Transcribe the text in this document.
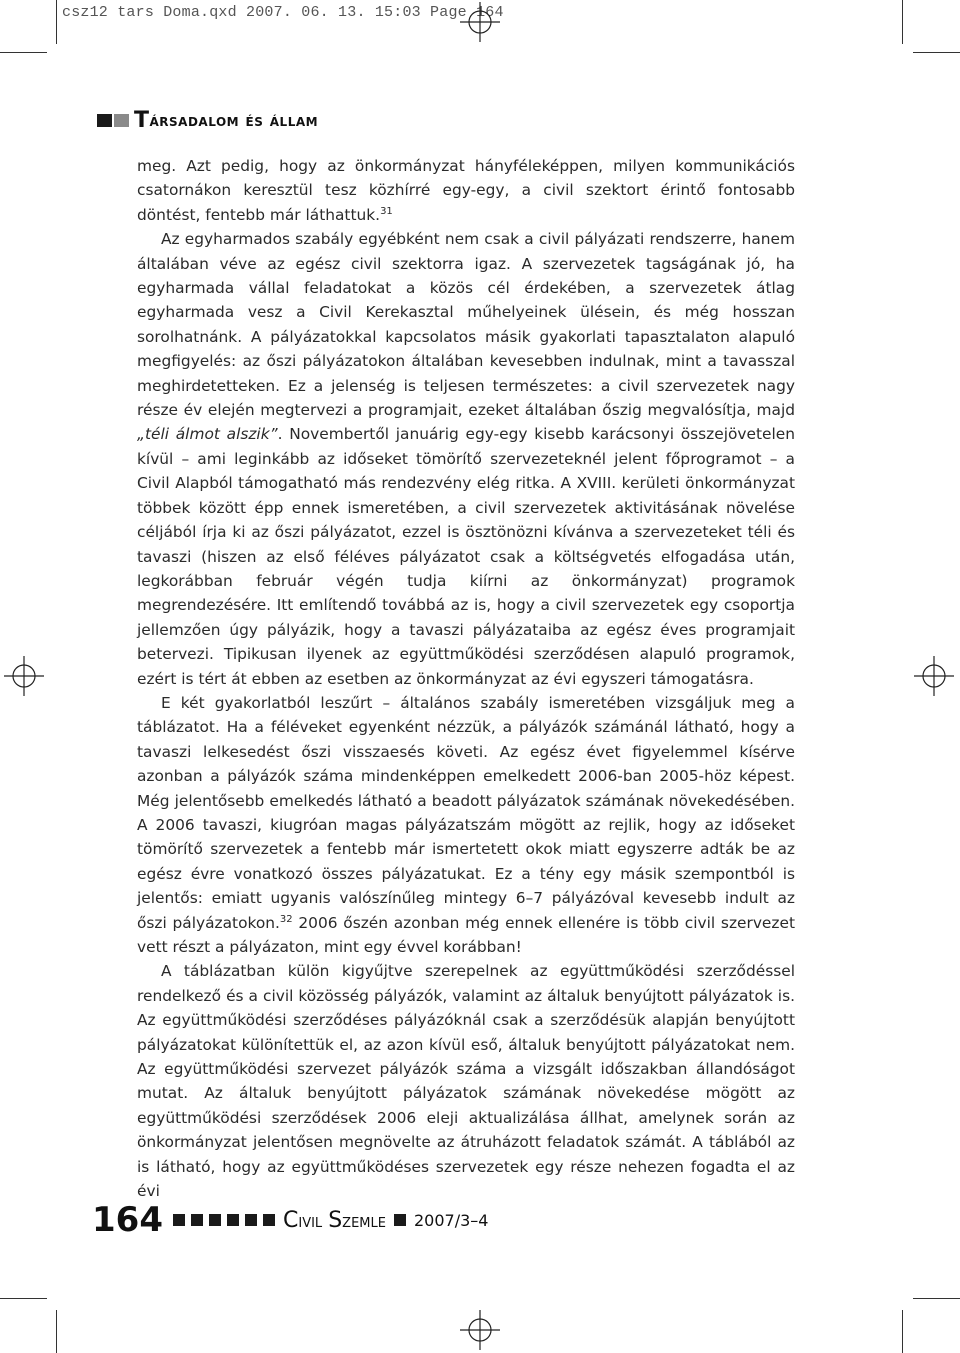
csz12 tars Doma.qxd 2007. 06. 13. 15:03 Page 164
T ársadalom és állam

meg. Azt pedig, hogy az önkormányzat hányféleképpen, milyen kommunikációs csatornákon keresztül tesz közhírré egy-egy, a civil szektort érintő fontosabb döntést, fentebb már láthattuk.$^{31}$

Az egyharmados szabály egyébként nem csak a civil pályázati rendszerre, hanem általában véve az egész civil szektorra igaz. A szervezetek tagságának jó, ha egyharmada vállal feladatokat a közös cél érdekében, a szervezetek átlag egyharmada vesz a Civil Kerekasztal műhelyeinek ülésein, és még hosszan sorolhatnánk. A pályázatokkal kapcsolatos másik gyakorlati tapasztalaton alapuló megfigyelés: az őszi pályázatokon általában kevesebben indulnak, mint a tavasszal meghirdetetteken. Ez a jelenség is teljesen természetes: a civil szervezetek nagy része év elején megtervezi a programjait, ezeket általában őszig megvalósítja, majd „téli álmot alszik”. Novembertől januárig egy-egy kisebb karácsonyi összejövetelen kívül – ami leginkább az időseket tömörítő szervezeteknél jelent főprogramot – a Civil Alapból támogatható más rendezvény elég ritka. A XVIII. kerületi önkormányzat többek között épp ennek ismeretében, a civil szervezetek aktivitásának növelése céljából írja ki az őszi pályázatot, ezzel is ösztönözni kívánva a szervezeteket téli és tavaszi (hiszen az első féléves pályázatot csak a költségvetés elfogadása után, legkorábban február végén tudja kiírni az önkormányzat) programok megrendezésére. Itt említendő továbbá az is, hogy a civil szervezetek egy csoportja jellemzően úgy pályázik, hogy a tavaszi pályázataiba az egész éves programjait betervezi. Tipikusan ilyenek az együttműködési szerződésen alapuló programok, ezért is tért át ebben az esetben az önkormányzat az évi egyszeri támogatásra.

E két gyakorlatból leszűrt – általános szabály ismeretében vizsgáljuk meg a táblázatot. Ha a féléveket egyenként nézzük, a pályázók számánál látható, hogy a tavaszi lelkesedést őszi visszaesés követi. Az egész évet figyelemmel kísérve azonban a pályázók száma mindenképpen emelkedett 2006-ban 2005-höz képest. Még jelentősebb emelkedés látható a beadott pályázatok számának növekedésében. A 2006 tavaszi, kiugróan magas pályázatszám mögött az rejlik, hogy az időseket tömörítő szervezetek a fentebb már ismertetett okok miatt egyszerre adták be az egész évre vonatkozó összes pályázatukat. Ez a tény egy másik szempontból is jelentős: emiatt ugyanis valószínűleg mintegy 6–7 pályázóval kevesebb indult az őszi pályázatokon.$^{32}$ 2006 őszén azonban még ennek ellenére is több civil szervezet vett részt a pályázaton, mint egy évvel korábban!

A táblázatban külön kigyűjtve szerepelnek az együttműködési szerződéssel rendelkező és a civil közösség pályázók, valamint az általuk benyújtott pályázatok is. Az együttműködési szerződéses pályázóknál csak a szerződésük alapján benyújtott pályázatokat különítettük el, az azon kívül eső, általuk benyújtott pályázatokat nem. Az együttműködési szervezet pályázók száma a vizsgált időszakban állandóságot mutat. Az általuk benyújtott pályázatok számának növekedése mögött az együttműködési szerződések 2006 eleji aktualizálása állhat, amelynek során az önkormányzat jelentősen megnövelte az átruházott feladatok számát. A táblából az is látható, hogy az együttműködéses szervezetek egy része nehezen fogadta el az évi

164	Civil Szemle 2007/3–4
